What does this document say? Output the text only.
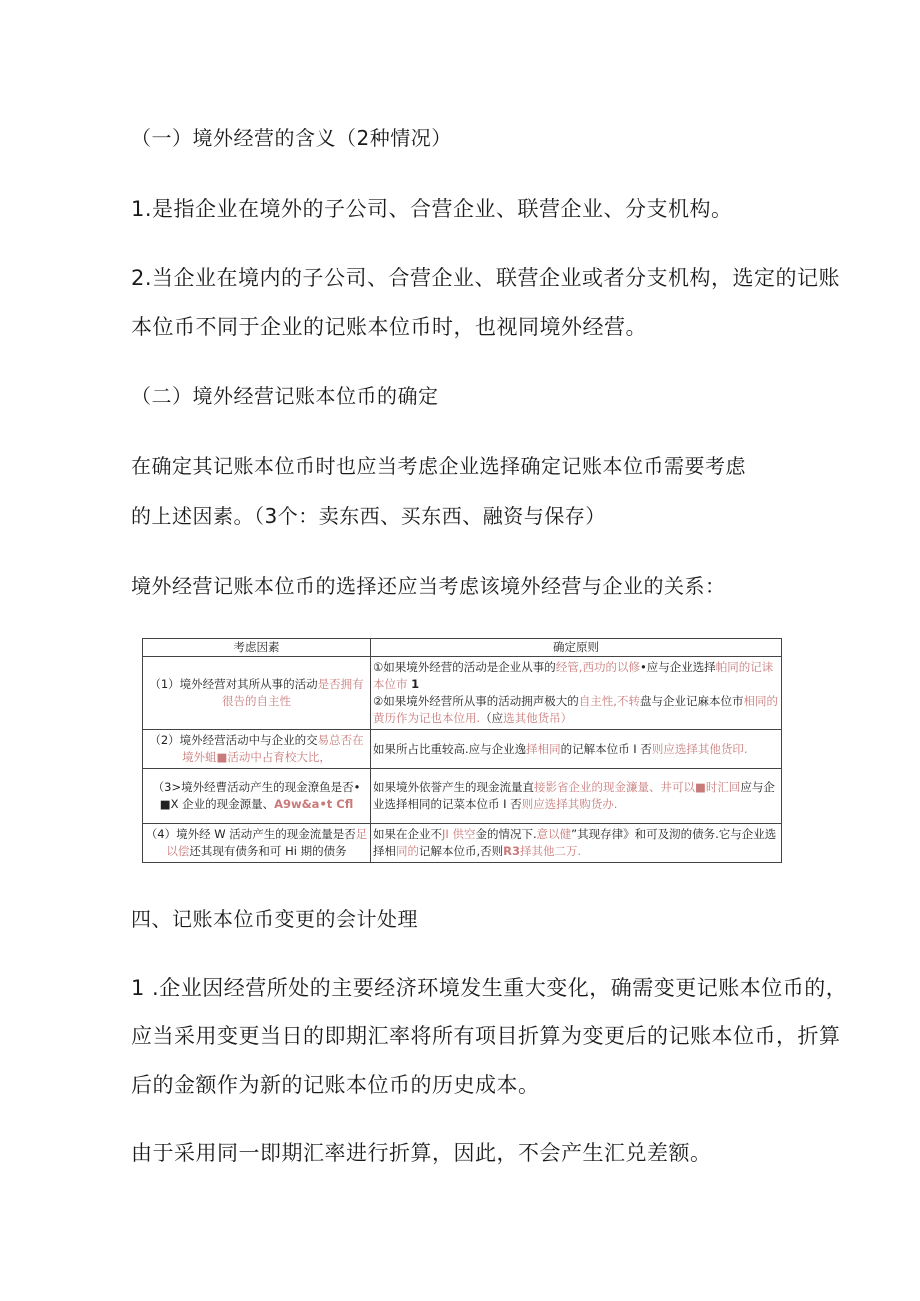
（一）境外经营的含义（2种情况）
1.是指企业在境外的子公司、合营企业、联营企业、分支机构。
2.当企业在境内的子公司、合营企业、联营企业或者分支机构，选定的记账
本位币不同于企业的记账本位币时，也视同境外经营。
（二）境外经营记账本位币的确定
在确定其记账本位币时也应当考虑企业选择确定记账本位币需要考虑
的上述因素。（3个：卖东西、买东西、融资与保存）
境外经营记账本位币的选择还应当考虑该境外经营与企业的关系：
考虑因素	确定原则
（1）境外经营对其所从事的活动是否拥有很告的自主性	①如果境外经营的活动是企业从事的经管,西功的以修•应与企业选择帕同的记诔本位市 1
②如果境外经营所从事的活动拥声极大的自主性,不转盘与企业记麻本位市相同的黄历作为记也本位用.（应选其他货吊）
（2）境外经营活动中与企业的交易总否在境外蛆■活动中占育校大比，	如果所占比重较高.应与企业逸择相同的记解本位币 I 否则应选择其他货印.
（3>境外经曹活动产生的现金潦鱼是否• ■X 企业的现金源量、A9w&a•t Cfl	如果境外依誉产生的现金流量直接影省企业的现金濂量、井可以■时汇回应与企业选择相同的记菜本位币 I 否则应选择其购货办.
（4）境外经 W 活动产生的现金流量是否足以偿还其现有债务和可 Hi 期的债务	如果在企业不JI 供空金的情况下.意以健”其现存律》和可及沏的债务.它与企业选择相同的记解本位币,否则R3择其他二万.
四、记账本位币变更的会计处理
1 .企业因经营所处的主要经济环境发生重大变化，确需变更记账本位币的，
应当采用变更当日的即期汇率将所有项目折算为变更后的记账本位币，折算
后的金额作为新的记账本位币的历史成本。
由于采用同一即期汇率进行折算，因此，不会产生汇兑差额。
